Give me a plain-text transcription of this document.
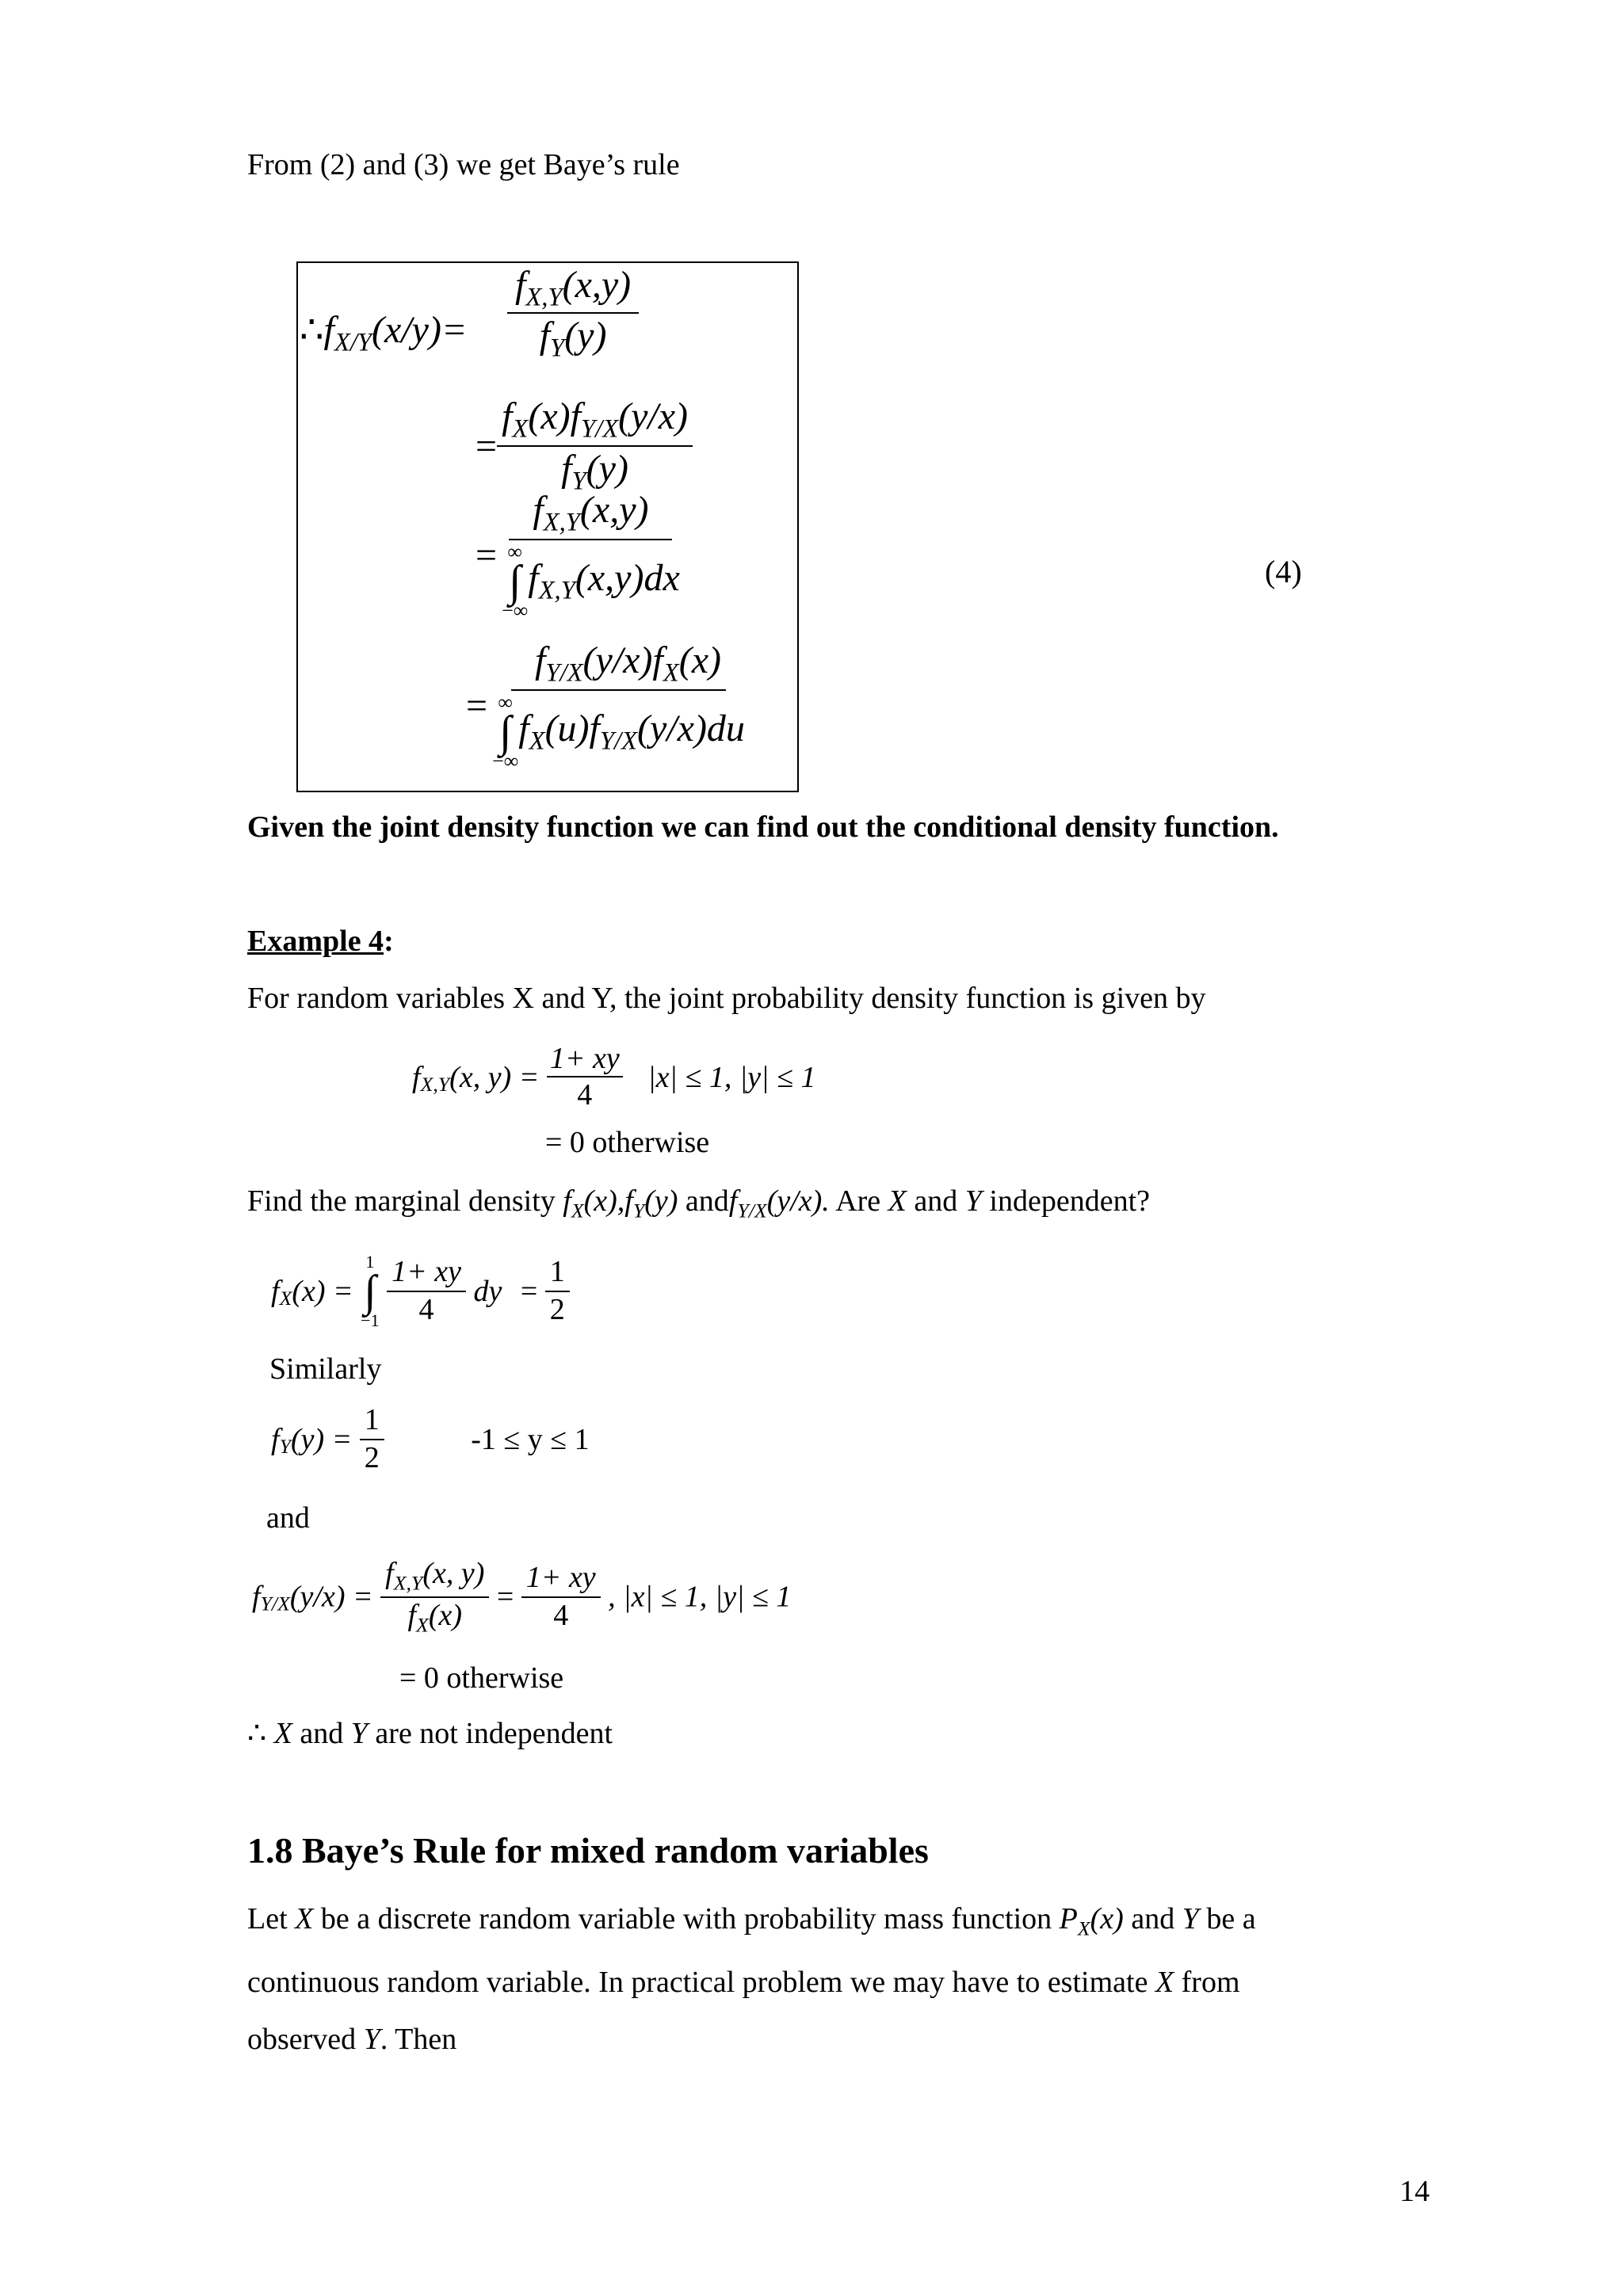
From (2) and (3) we get Baye’s rule
$\therefore f_{X/Y}(x/y)= \frac{f_{X,Y}(x,y)}{f_Y(y)}$
= $\frac{f_X(x)f_{Y/X}(y/x)}{f_Y(y)}$
= $f_{X,Y}(x,y)$
∞
∫
−∞
$f_{X,Y}(x,y)dx$	(4)
= $f_{Y/X}(y/x)f_X(x)$
∞
∫
−∞
$f_X(u)f_{Y/X}(y/x)du$
Given the joint density function we can find out the conditional density function.
Example 4:
For random variables X and Y, the joint probability density function is given by
$f_{X,Y}(x$, $y) = \frac{1+ xy}{4} |x| \le 1$, |y| ≤ 1
= 0 otherwise
Find the marginal density $f_X(x),f_Y(y)$ andf$_{Y/X}$(y/x). Are X and Y independent?
$f_X(x)$ =
1
∫
−1
$\frac{1+ xy}{4}$ dy = $\frac{1}{2}$
Similarly
$f_Y(y) = \frac{1}{2}$	-1 ≤ y ≤ 1
and
$f_{Y/X}(y/x) = \frac{f_{X,Y}(x, y)}{f_X(x)} = \frac{1+ xy}{4}$ , |x| ≤ 1, |y| ≤ 1
= 0 otherwise
∴ X and Y are not independent
1.8 Baye’s Rule for mixed random variables
Let X be a discrete random variable with probability mass function $P_X(x)$ and Y be a
continuous random variable. In practical problem we may have to estimate X from
observed Y. Then
14
